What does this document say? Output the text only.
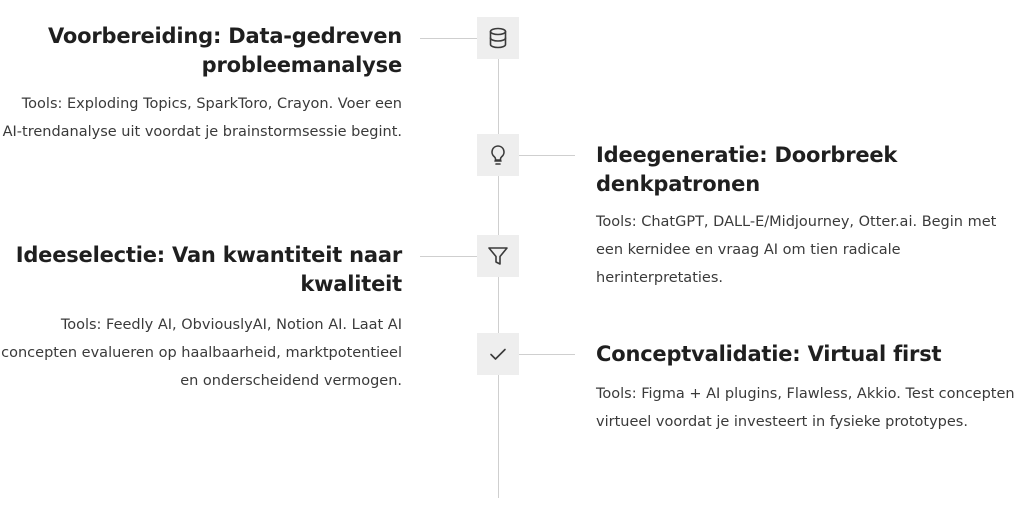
Voorbereiding: Data-gedreven probleemanalyse

Tools: Exploding Topics, SparkToro, Crayon. Voer een AI-trendanalyse uit voordat je brainstormsessie begint.

Ideegeneratie: Doorbreek denkpatronen

Tools: ChatGPT, DALL-E/Midjourney, Otter.ai. Begin met een kernidee en vraag AI om tien radicale herinterpretaties.

Ideeselectie: Van kwantiteit naar kwaliteit

Tools: Feedly AI, ObviouslyAI, Notion AI. Laat AI concepten evalueren op haalbaarheid, marktpotentieel en onderscheidend vermogen.

Conceptvalidatie: Virtual first

Tools: Figma + AI plugins, Flawless, Akkio. Test concepten virtueel voordat je investeert in fysieke prototypes.
